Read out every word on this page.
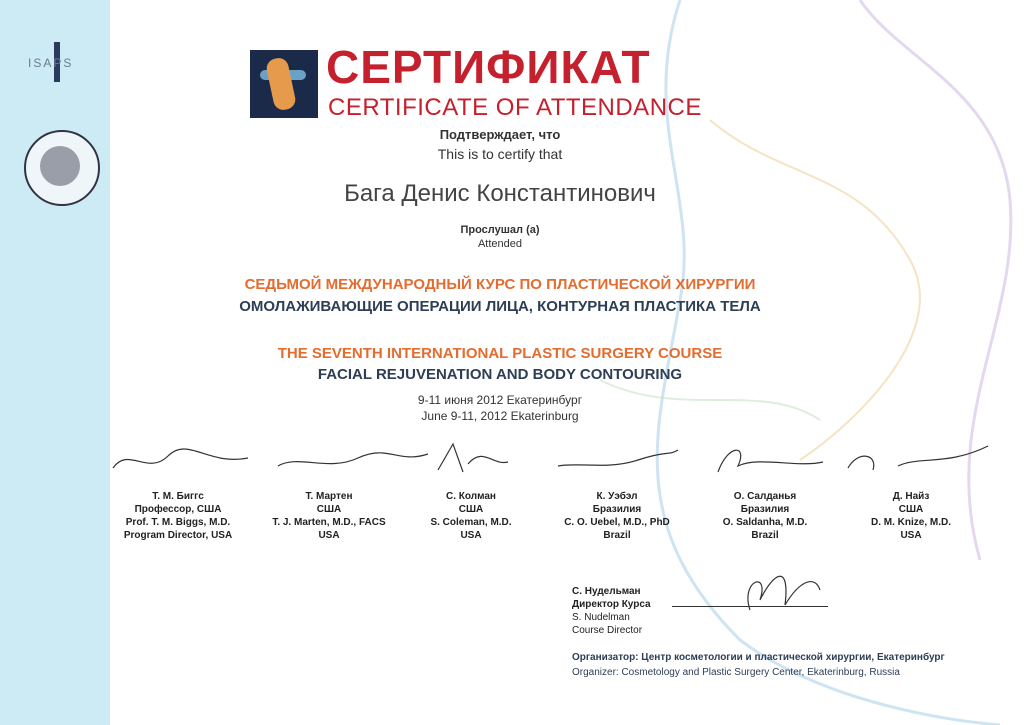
ISAPS	СЕРТИФИКАТ
CERTIFICATE OF ATTENDANCE
Подтверждает, что
This is to certify that
Бага Денис Константинович
Прослушал (а)
Attended
СЕДЬМОЙ МЕЖДУНАРОДНЫЙ КУРС ПО ПЛАСТИЧЕСКОЙ ХИРУРГИИ
ОМОЛАЖИВАЮЩИЕ ОПЕРАЦИИ ЛИЦА, КОНТУРНАЯ ПЛАСТИКА ТЕЛА
THE SEVENTH INTERNATIONAL PLASTIC SURGERY COURSE
FACIAL REJUVENATION AND BODY CONTOURING
9-11 июня 2012 Екатеринбург
June 9-11, 2012 Ekaterinburg
Т. М. Биггс
Профессор, США
Prof. T. M. Biggs, M.D.
Program Director, USA
Т. Мартен
США
T. J. Marten, M.D., FACS
USA
С. Колман
США
S. Coleman, M.D.
USA
К. Уэбэл
Бразилия
C. O. Uebel, M.D., PhD
Brazil
О. Салданья
Бразилия
O. Saldanha, M.D.
Brazil
Д. Найз
США
D. M. Knize, M.D.
USA
С. Нудельман
Директор Курса
S. Nudelman
Course Director
Организатор: Центр косметологии и пластической хирургии, Екатеринбург
Organizer: Cosmetology and Plastic Surgery Center, Ekaterinburg, Russia
